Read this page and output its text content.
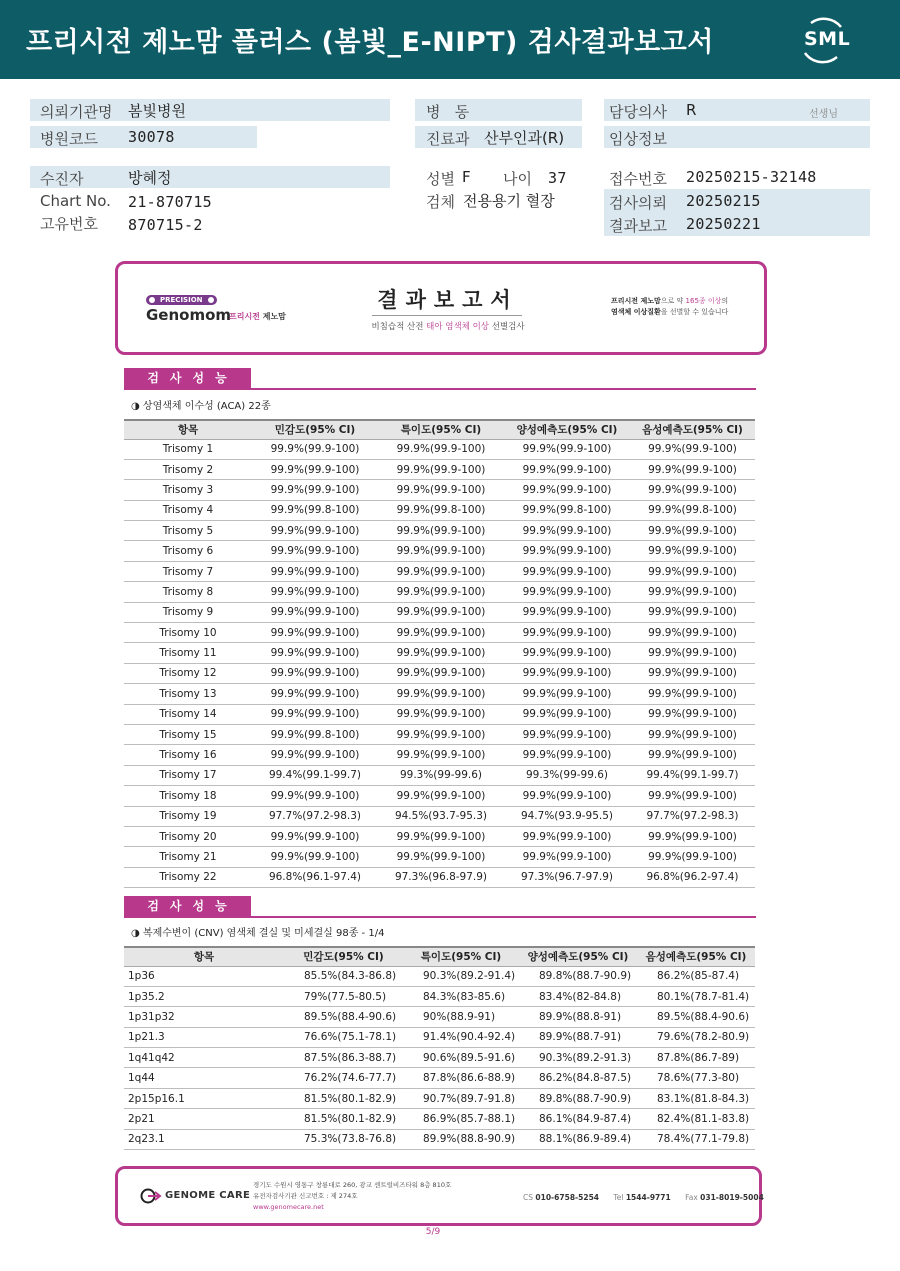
프리시전 제노맘 플러스 (봄빛_E-NIPT) 검사결과보고서	SML
의뢰기관명 봄빛병원
병원코드 30078
수진자	방혜정
Chart No. 21-870715
고유번호 870715-2
병   동
진료과 산부인과(R)
성별 F 나이 37
검체 전용용기 혈장
담당의사 R	선생님
임상정보
접수번호 20250215-32148
검사의뢰 20250215
결과보고 20250221
PRECISION
Genomom
프리시전 제노맘
결과보고서
비침습적 산전 태아 염색체 이상 선별검사
프리시전 제노맘으로 약 165종 이상의
염색체 이상질환을 선별할 수 있습니다
검사성능
◑ 상염색체 이수성 (ACA) 22종
항목	민감도(95% CI)	특이도(95% CI)	양성예측도(95% CI)	음성예측도(95% CI)
Trisomy 1	99.9%(99.9-100)	99.9%(99.9-100)	99.9%(99.9-100)	99.9%(99.9-100)
Trisomy 2	99.9%(99.9-100)	99.9%(99.9-100)	99.9%(99.9-100)	99.9%(99.9-100)
Trisomy 3	99.9%(99.9-100)	99.9%(99.9-100)	99.9%(99.9-100)	99.9%(99.9-100)
Trisomy 4	99.9%(99.8-100)	99.9%(99.8-100)	99.9%(99.8-100)	99.9%(99.8-100)
Trisomy 5	99.9%(99.9-100)	99.9%(99.9-100)	99.9%(99.9-100)	99.9%(99.9-100)
Trisomy 6	99.9%(99.9-100)	99.9%(99.9-100)	99.9%(99.9-100)	99.9%(99.9-100)
Trisomy 7	99.9%(99.9-100)	99.9%(99.9-100)	99.9%(99.9-100)	99.9%(99.9-100)
Trisomy 8	99.9%(99.9-100)	99.9%(99.9-100)	99.9%(99.9-100)	99.9%(99.9-100)
Trisomy 9	99.9%(99.9-100)	99.9%(99.9-100)	99.9%(99.9-100)	99.9%(99.9-100)
Trisomy 10	99.9%(99.9-100)	99.9%(99.9-100)	99.9%(99.9-100)	99.9%(99.9-100)
Trisomy 11	99.9%(99.9-100)	99.9%(99.9-100)	99.9%(99.9-100)	99.9%(99.9-100)
Trisomy 12	99.9%(99.9-100)	99.9%(99.9-100)	99.9%(99.9-100)	99.9%(99.9-100)
Trisomy 13	99.9%(99.9-100)	99.9%(99.9-100)	99.9%(99.9-100)	99.9%(99.9-100)
Trisomy 14	99.9%(99.9-100)	99.9%(99.9-100)	99.9%(99.9-100)	99.9%(99.9-100)
Trisomy 15	99.9%(99.8-100)	99.9%(99.9-100)	99.9%(99.9-100)	99.9%(99.9-100)
Trisomy 16	99.9%(99.9-100)	99.9%(99.9-100)	99.9%(99.9-100)	99.9%(99.9-100)
Trisomy 17	99.4%(99.1-99.7)	99.3%(99-99.6)	99.3%(99-99.6)	99.4%(99.1-99.7)
Trisomy 18	99.9%(99.9-100)	99.9%(99.9-100)	99.9%(99.9-100)	99.9%(99.9-100)
Trisomy 19	97.7%(97.2-98.3)	94.5%(93.7-95.3)	94.7%(93.9-95.5)	97.7%(97.2-98.3)
Trisomy 20	99.9%(99.9-100)	99.9%(99.9-100)	99.9%(99.9-100)	99.9%(99.9-100)
Trisomy 21	99.9%(99.9-100)	99.9%(99.9-100)	99.9%(99.9-100)	99.9%(99.9-100)
Trisomy 22	96.8%(96.1-97.4)	97.3%(96.8-97.9)	97.3%(96.7-97.9)	96.8%(96.2-97.4)
검사성능
◑ 복제수변이 (CNV) 염색체 결실 및 미세결실 98종 - 1/4
항목	민감도(95% CI)	특이도(95% CI)	양성예측도(95% CI)	음성예측도(95% CI)
1p36	85.5%(84.3-86.8)	90.3%(89.2-91.4)	89.8%(88.7-90.9)	86.2%(85-87.4)
1p35.2	79%(77.5-80.5)	84.3%(83-85.6)	83.4%(82-84.8)	80.1%(78.7-81.4)
1p31p32	89.5%(88.4-90.6)	90%(88.9-91)	89.9%(88.8-91)	89.5%(88.4-90.6)
1p21.3	76.6%(75.1-78.1)	91.4%(90.4-92.4)	89.9%(88.7-91)	79.6%(78.2-80.9)
1q41q42	87.5%(86.3-88.7)	90.6%(89.5-91.6)	90.3%(89.2-91.3)	87.8%(86.7-89)
1q44	76.2%(74.6-77.7)	87.8%(86.6-88.9)	86.2%(84.8-87.5)	78.6%(77.3-80)
2p15p16.1	81.5%(80.1-82.9)	90.7%(89.7-91.8)	89.8%(88.7-90.9)	83.1%(81.8-84.3)
2p21	81.5%(80.1-82.9)	86.9%(85.7-88.1)	86.1%(84.9-87.4)	82.4%(81.1-83.8)
2q23.1	75.3%(73.8-76.8)	89.9%(88.8-90.9)	88.1%(86.9-89.4)	78.4%(77.1-79.8)
GENOME CARE
경기도 수원시 영통구 창룡대로 260, 광교 센트럴비즈타워 8층 810호
유전자검사기관 신고번호 : 제 274호
www.genomecare.net
CS 010-6758-5254 Tel 1544-9771 Fax 031-8019-5004
5/9
